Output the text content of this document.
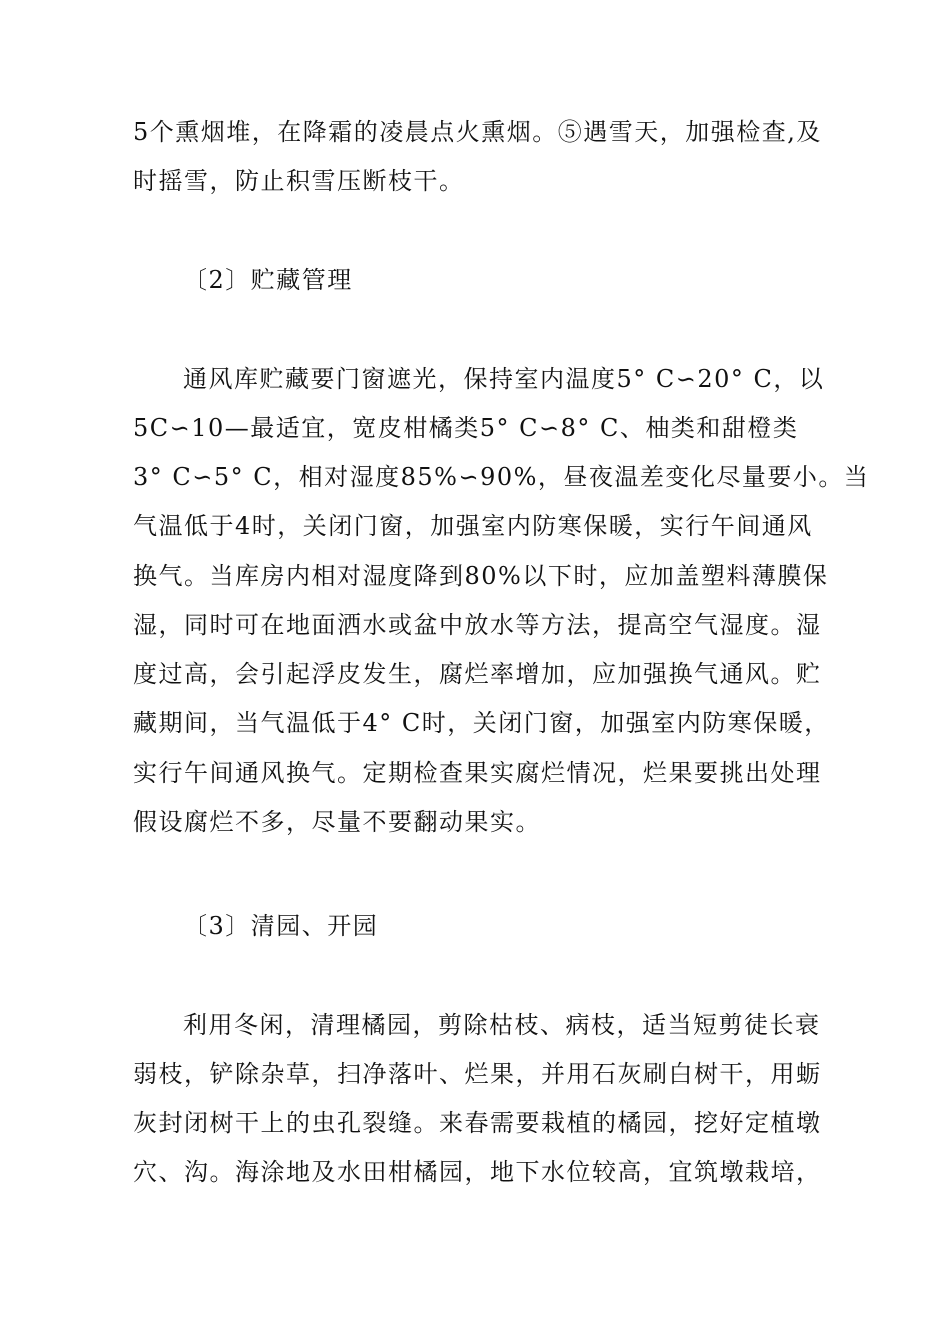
5个熏烟堆，在降霜的凌晨点火熏烟。⑤遇雪天，加强检查,及
时摇雪，防止积雪压断枝干。
〔2〕贮藏管理
通风库贮藏要门窗遮光，保持室内温度5° C∽20° C，以
5C∽10—最适宜，宽皮柑橘类5° C∽8° C、柚类和甜橙类
3° C∽5° C，相对湿度85%∽90%，昼夜温差变化尽量要小。当
气温低于4时，关闭门窗，加强室内防寒保暖，实行午间通风
换气。当库房内相对湿度降到80%以下时，应加盖塑料薄膜保
湿，同时可在地面洒水或盆中放水等方法，提高空气湿度。湿
度过高，会引起浮皮发生，腐烂率增加，应加强换气通风。贮
藏期间，当气温低于4° C时，关闭门窗，加强室内防寒保暖，
实行午间通风换气。定期检查果实腐烂情况，烂果要挑出处理
假设腐烂不多，尽量不要翻动果实。
〔3〕清园、开园
利用冬闲，清理橘园，剪除枯枝、病枝，适当短剪徒长衰
弱枝，铲除杂草，扫净落叶、烂果，并用石灰刷白树干，用蛎
灰封闭树干上的虫孔裂缝。来春需要栽植的橘园，挖好定植墩
穴、沟。海涂地及水田柑橘园，地下水位较高，宜筑墩栽培，
